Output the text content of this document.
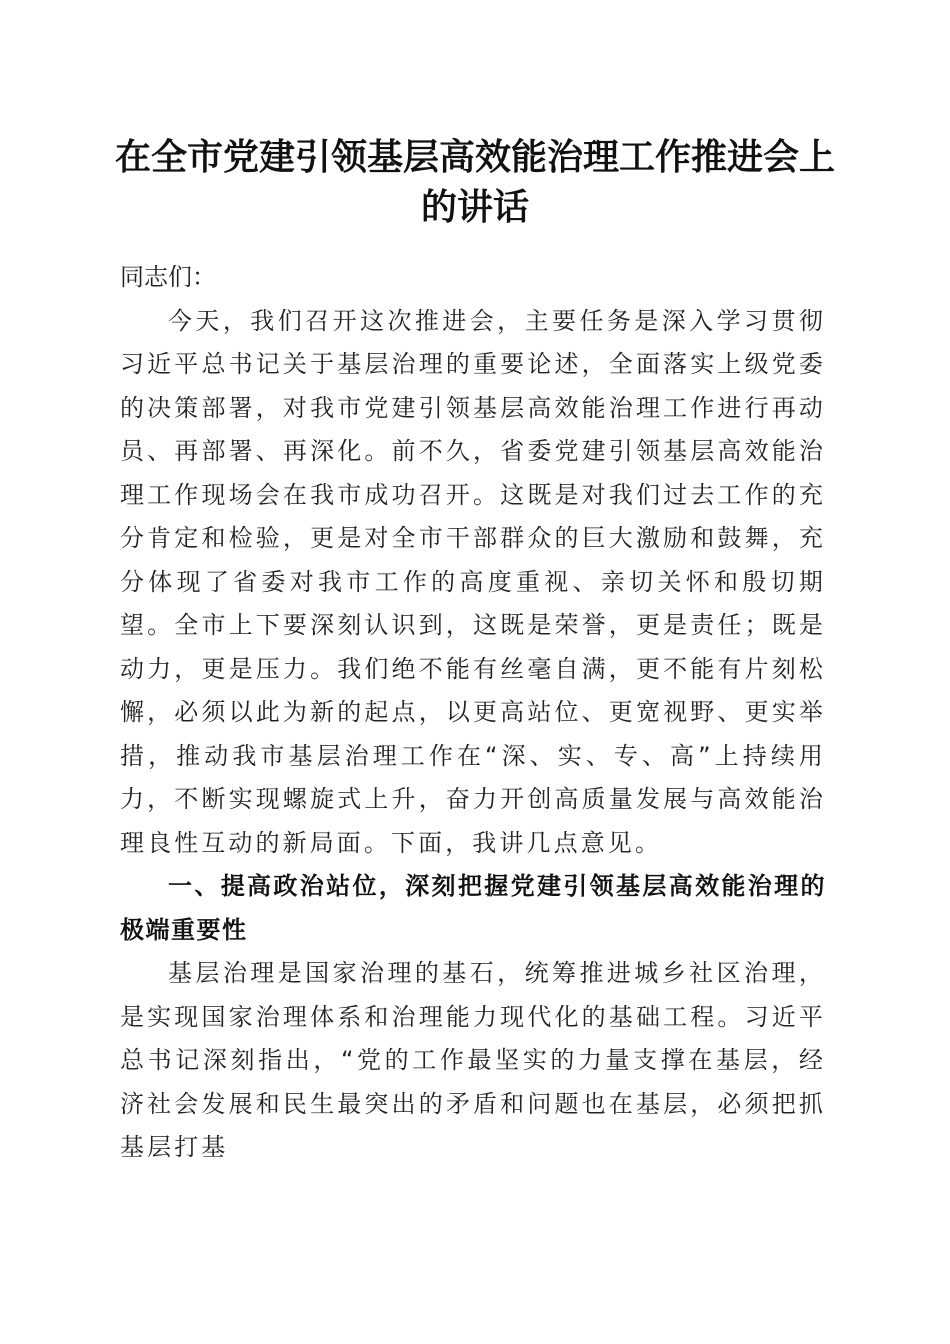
在全市党建引领基层高效能治理工作推进会上的讲话

同志们：

今天，我们召开这次推进会，主要任务是深入学习贯彻习近平总书记关于基层治理的重要论述，全面落实上级党委的决策部署，对我市党建引领基层高效能治理工作进行再动员、再部署、再深化。前不久，省委党建引领基层高效能治理工作现场会在我市成功召开。这既是对我们过去工作的充分肯定和检验，更是对全市干部群众的巨大激励和鼓舞，充分体现了省委对我市工作的高度重视、亲切关怀和殷切期望。全市上下要深刻认识到，这既是荣誉，更是责任；既是动力，更是压力。我们绝不能有丝毫自满，更不能有片刻松懈，必须以此为新的起点，以更高站位、更宽视野、更实举措，推动我市基层治理工作在“深、实、专、高”上持续用力，不断实现螺旋式上升，奋力开创高质量发展与高效能治理良性互动的新局面。下面，我讲几点意见。

一、提高政治站位，深刻把握党建引领基层高效能治理的极端重要性

基层治理是国家治理的基石，统筹推进城乡社区治理，是实现国家治理体系和治理能力现代化的基础工程。习近平总书记深刻指出，“党的工作最坚实的力量支撑在基层，经济社会发展和民生最突出的矛盾和问题也在基层，必须把抓基层打基
